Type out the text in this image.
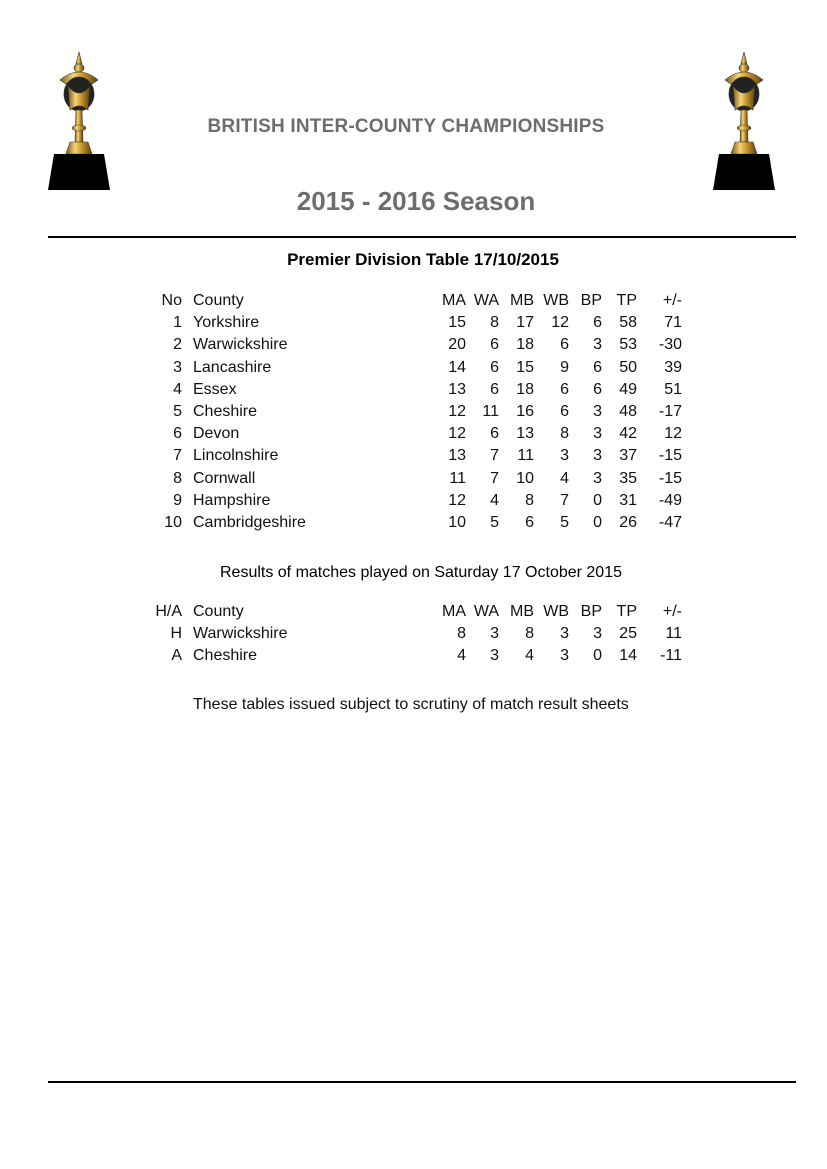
BRITISH INTER-COUNTY CHAMPIONSHIPS
2015 - 2016 Season
Premier Division Table 17/10/2015
No	County	MA	WA	MB	WB	BP	TP	+/-
1	Yorkshire	15	8	17	12	6	58	71
2	Warwickshire	20	6	18	6	3	53	-30
3	Lancashire	14	6	15	9	6	50	39
4	Essex	13	6	18	6	6	49	51
5	Cheshire	12	11	16	6	3	48	-17
6	Devon	12	6	13	8	3	42	12
7	Lincolnshire	13	7	11	3	3	37	-15
8	Cornwall	11	7	10	4	3	35	-15
9	Hampshire	12	4	8	7	0	31	-49
10	Cambridgeshire	10	5	6	5	0	26	-47
Results of matches played on Saturday 17 October 2015
H/A	County	MA	WA	MB	WB	BP	TP	+/-
H	Warwickshire	8	3	8	3	3	25	11
A	Cheshire	4	3	4	3	0	14	-11
These tables issued subject to scrutiny of match result sheets
